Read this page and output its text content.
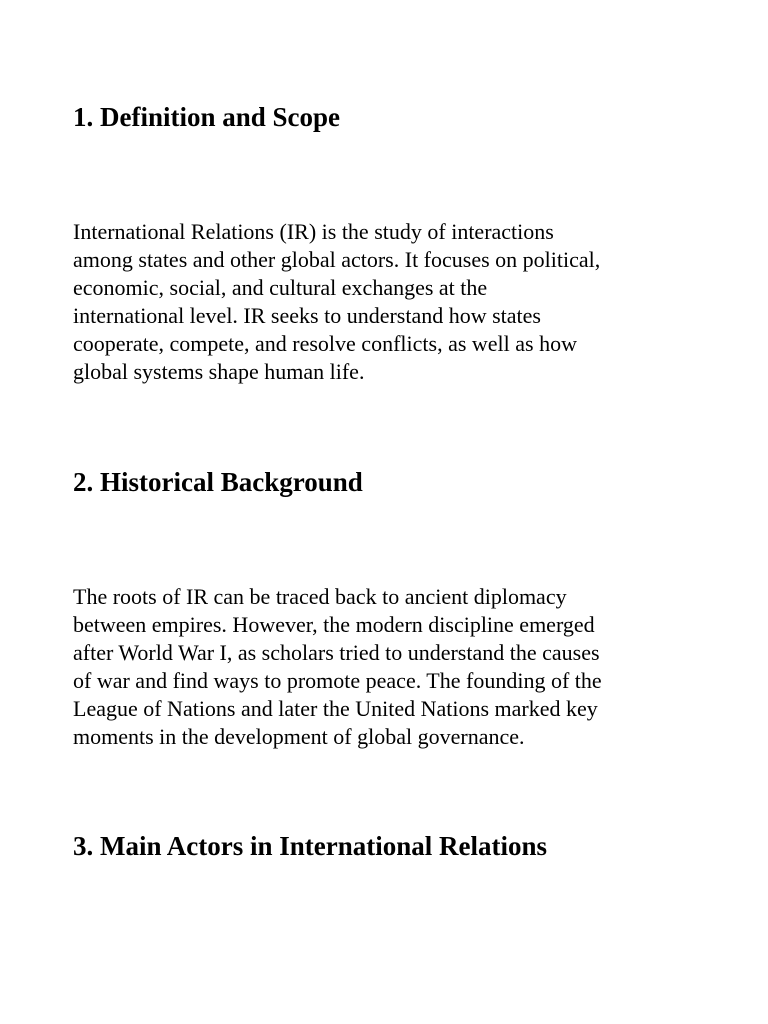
1. Definition and Scope

International Relations (IR) is the study of interactions
among states and other global actors. It focuses on political,
economic, social, and cultural exchanges at the
international level. IR seeks to understand how states
cooperate, compete, and resolve conflicts, as well as how
global systems shape human life.

2. Historical Background

The roots of IR can be traced back to ancient diplomacy
between empires. However, the modern discipline emerged
after World War I, as scholars tried to understand the causes
of war and find ways to promote peace. The founding of the
League of Nations and later the United Nations marked key
moments in the development of global governance.

3. Main Actors in International Relations
